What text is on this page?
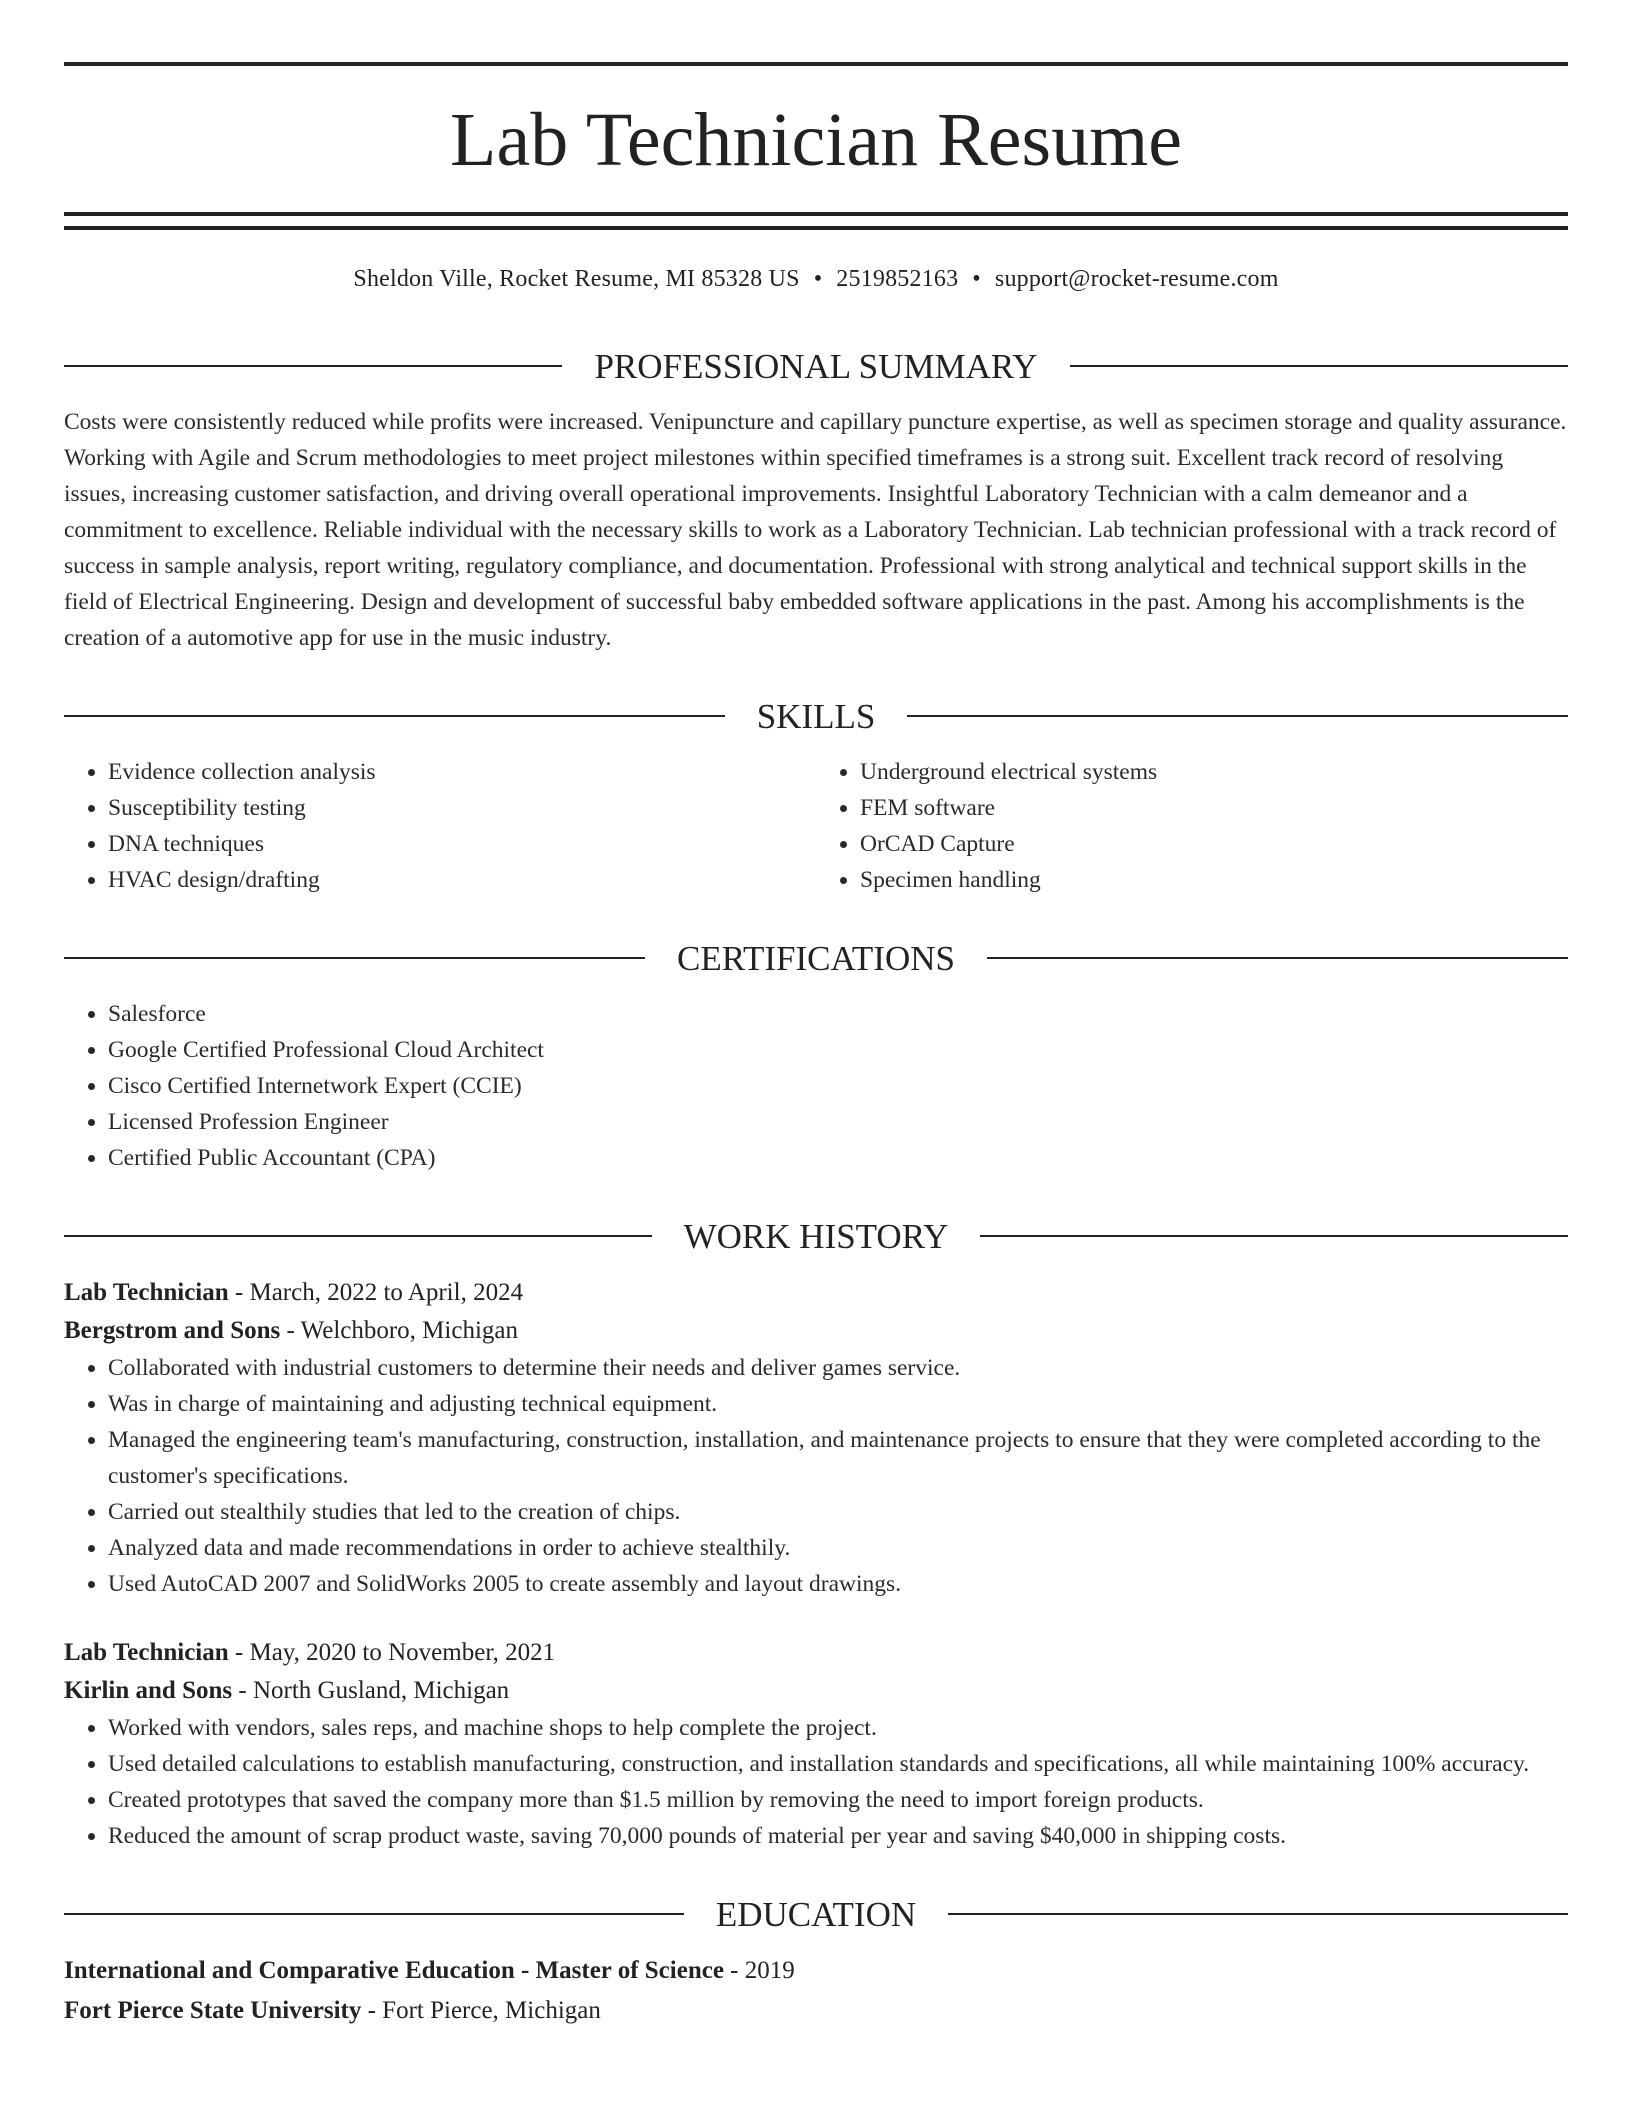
Lab Technician Resume
Sheldon Ville, Rocket Resume, MI 85328 US • 2519852163 • support@rocket-resume.com
PROFESSIONAL SUMMARY
Costs were consistently reduced while profits were increased. Venipuncture and capillary puncture expertise, as well as specimen storage and quality assurance. Working with Agile and Scrum methodologies to meet project milestones within specified timeframes is a strong suit. Excellent track record of resolving issues, increasing customer satisfaction, and driving overall operational improvements. Insightful Laboratory Technician with a calm demeanor and a commitment to excellence. Reliable individual with the necessary skills to work as a Laboratory Technician. Lab technician professional with a track record of success in sample analysis, report writing, regulatory compliance, and documentation. Professional with strong analytical and technical support skills in the field of Electrical Engineering. Design and development of successful baby embedded software applications in the past. Among his accomplishments is the creation of a automotive app for use in the music industry.
SKILLS
• Evidence collection analysis
• Susceptibility testing
• DNA techniques
• HVAC design/drafting
• Underground electrical systems
• FEM software
• OrCAD Capture
• Specimen handling
CERTIFICATIONS
• Salesforce
• Google Certified Professional Cloud Architect
• Cisco Certified Internetwork Expert (CCIE)
• Licensed Profession Engineer
• Certified Public Accountant (CPA)
WORK HISTORY
Lab Technician - March, 2022 to April, 2024
Bergstrom and Sons - Welchboro, Michigan
• Collaborated with industrial customers to determine their needs and deliver games service.
• Was in charge of maintaining and adjusting technical equipment.
• Managed the engineering team's manufacturing, construction, installation, and maintenance projects to ensure that they were completed according to the customer's specifications.
• Carried out stealthily studies that led to the creation of chips.
• Analyzed data and made recommendations in order to achieve stealthily.
• Used AutoCAD 2007 and SolidWorks 2005 to create assembly and layout drawings.
Lab Technician - May, 2020 to November, 2021
Kirlin and Sons - North Gusland, Michigan
• Worked with vendors, sales reps, and machine shops to help complete the project.
• Used detailed calculations to establish manufacturing, construction, and installation standards and specifications, all while maintaining 100% accuracy.
• Created prototypes that saved the company more than $1.5 million by removing the need to import foreign products.
• Reduced the amount of scrap product waste, saving 70,000 pounds of material per year and saving $40,000 in shipping costs.
EDUCATION
International and Comparative Education - Master of Science - 2019
Fort Pierce State University - Fort Pierce, Michigan
